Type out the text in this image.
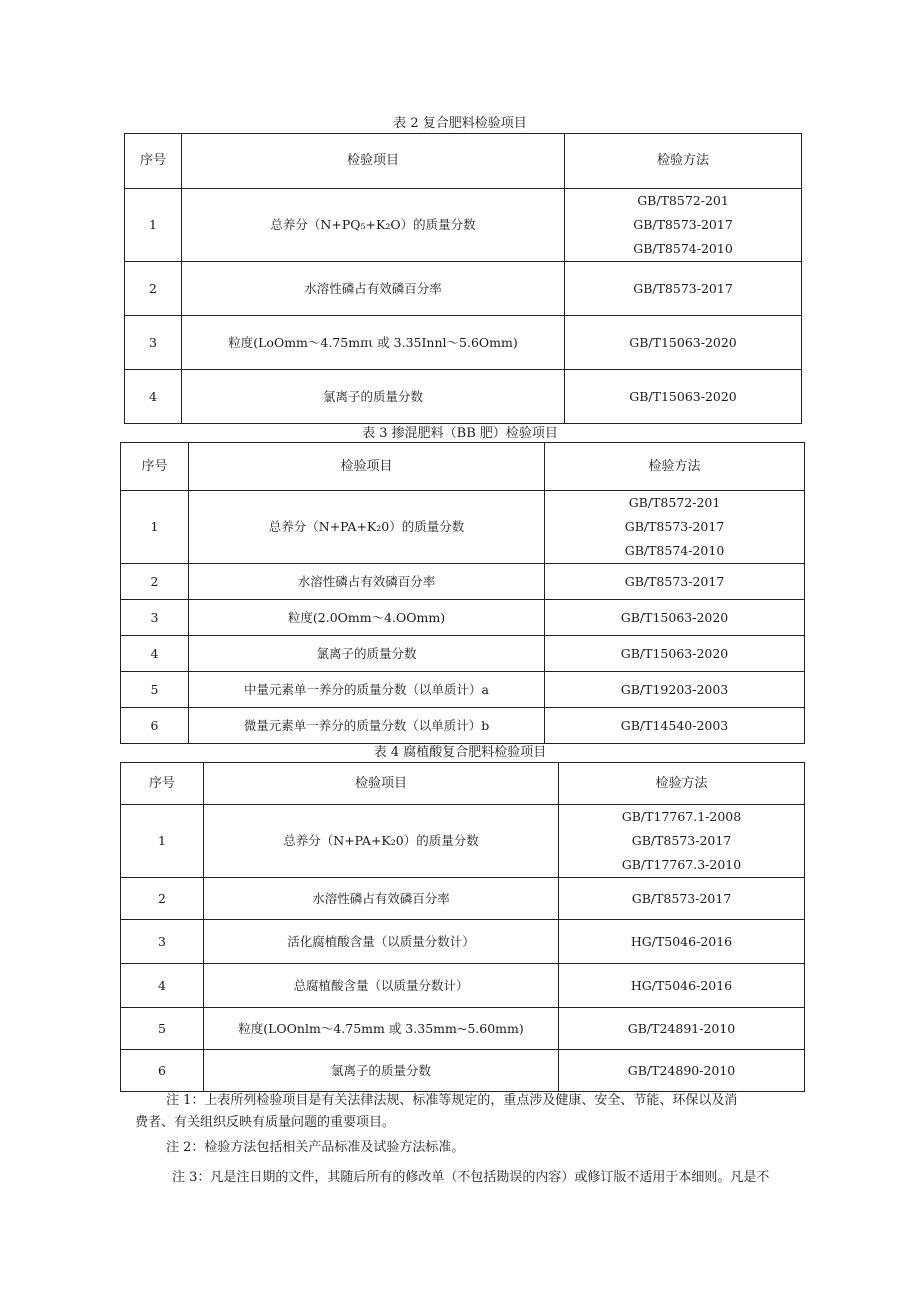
表 2 复合肥料检验项目
序号	检验项目	检验方法
1	总养分（N+PQ₅+K₂O）的质量分数	GB/T8572-201
GB/T8573-2017
GB/T8574-2010

2	水溶性磷占有效磷百分率	GB/T8573-2017
3	粒度(LoOmm～4.75mπι 或 3.35Innl～5.6Omm)	GB/T15063-2020
4	氯离子的质量分数	GB/T15063-2020
表 3 掺混肥料（BB 肥）检验项目
序号	检验项目	检验方法
1	总养分（N+PA+K₂0）的质量分数	GB/T8572-201
GB/T8573-2017
GB/T8574-2010

2	水溶性磷占有效磷百分率	GB/T8573-2017
3	粒度(2.0Omm～4.OOmm)	GB/T15063-2020
4	氯离子的质量分数	GB/T15063-2020
5	中量元素单一养分的质量分数（以单质计）a	GB/T19203-2003
6	微量元素单一养分的质量分数（以单质计）b	GB/T14540-2003
表 4 腐植酸复合肥料检验项目
序号	检验项目	检验方法
1	总养分（N+PA+K₂0）的质量分数	GB/T17767.1-2008
GB/T8573-2017
GB/T17767.3-2010

2	水溶性磷占有效磷百分率	GB/T8573-2017
3	活化腐植酸含量（以质量分数计）	HG/T5046-2016
4	总腐植酸含量（以质量分数计）	HG/T5046-2016
5	粒度(LOOnlm～4.75mm 或 3.35mm~5.60mm)	GB/T24891-2010
6	氯离子的质量分数	GB/T24890-2010
注 1：上表所列检验项目是有关法律法规、标准等规定的，重点涉及健康、安全、节能、环保以及消
费者、有关组织反映有质量问题的重要项目。
注 2：检验方法包括相关产品标准及试验方法标准。
注 3：凡是注日期的文件，其随后所有的修改单（不包括勘误的内容）或修订版不适用于本细则。凡是不
